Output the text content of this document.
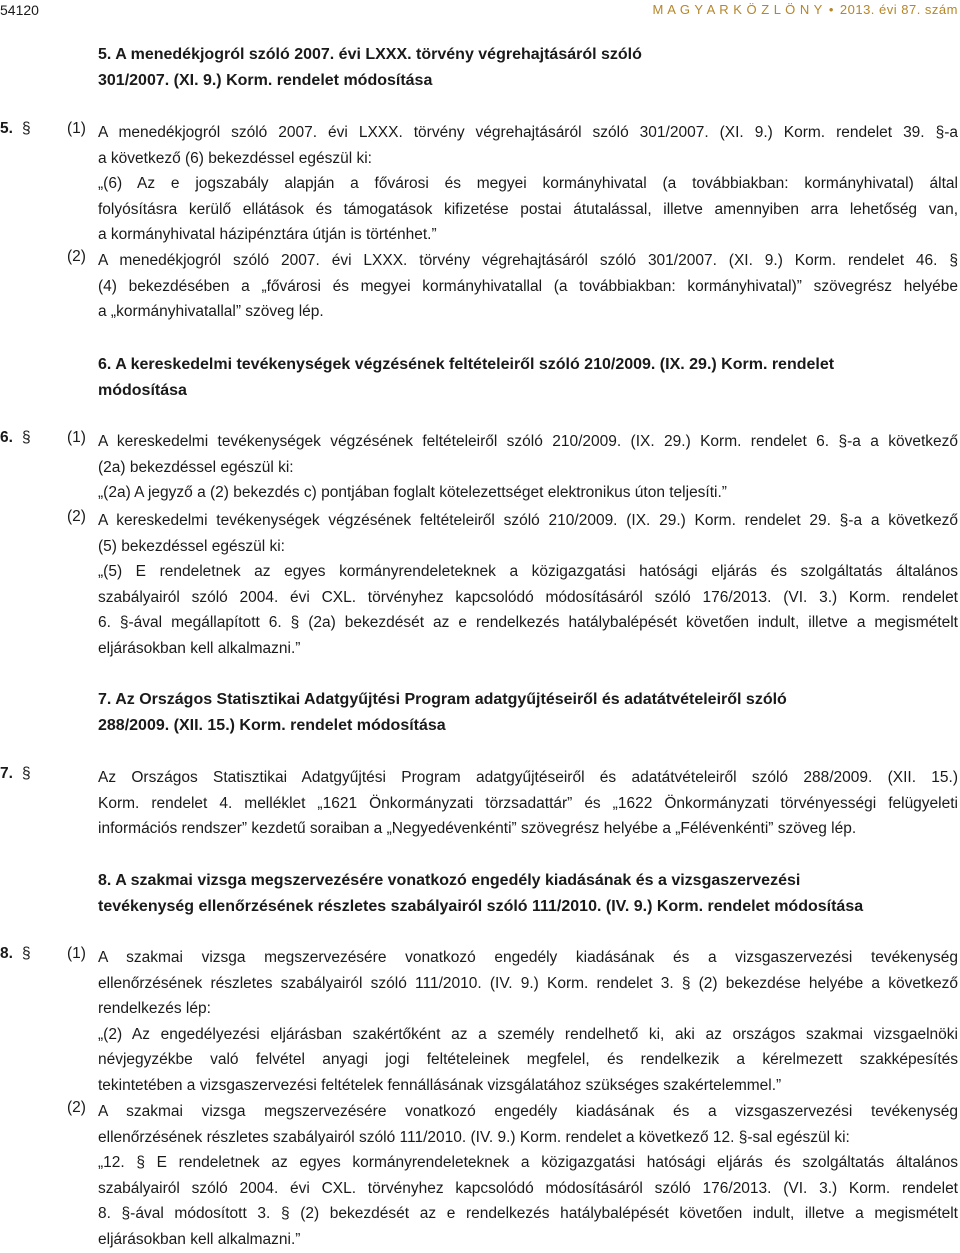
54120	M A G Y A R K Ö Z L Ö N Y • 2013. évi 87. szám
5. A menedékjogról szóló 2007. évi LXXX. törvény végrehajtásáról szóló
301/2007. (XI. 9.) Korm. rendelet módosítása
5. § (1) A menedékjogról szóló 2007. évi LXXX. törvény végrehajtásáról szóló 301/2007. (XI. 9.) Korm. rendelet 39. §-a
a következő (6) bekezdéssel egészül ki:
„(6) Az e jogszabály alapján a fővárosi és megyei kormányhivatal (a továbbiakban: kormányhivatal) által
folyósításra kerülő ellátások és támogatások kifizetése postai átutalással, illetve amennyiben arra lehetőség van,
a kormányhivatal házipénztára útján is történhet.”
(2) A menedékjogról szóló 2007. évi LXXX. törvény végrehajtásáról szóló 301/2007. (XI. 9.) Korm. rendelet 46. §
(4) bekezdésében a „fővárosi és megyei kormányhivatallal (a továbbiakban: kormányhivatal)” szövegrész helyébe
a „kormányhivatallal” szöveg lép.
6. A kereskedelmi tevékenységek végzésének feltételeiről szóló 210/2009. (IX. 29.) Korm. rendelet
módosítása
6. § (1) A kereskedelmi tevékenységek végzésének feltételeiről szóló 210/2009. (IX. 29.) Korm. rendelet 6. §-a a következő
(2a) bekezdéssel egészül ki:
„(2a) A jegyző a (2) bekezdés c) pontjában foglalt kötelezettséget elektronikus úton teljesíti.”
(2) A kereskedelmi tevékenységek végzésének feltételeiről szóló 210/2009. (IX. 29.) Korm. rendelet 29. §-a a következő
(5) bekezdéssel egészül ki:
„(5) E rendeletnek az egyes kormányrendeleteknek a közigazgatási hatósági eljárás és szolgáltatás általános
szabályairól szóló 2004. évi CXL. törvényhez kapcsolódó módosításáról szóló 176/2013. (VI. 3.) Korm. rendelet
6. §-ával megállapított 6. § (2a) bekezdését az e rendelkezés hatálybalépését követően indult, illetve a megismételt
eljárásokban kell alkalmazni.”
7. Az Országos Statisztikai Adatgyűjtési Program adatgyűjtéseiről és adatátvételeiről szóló
288/2009. (XII. 15.) Korm. rendelet módosítása
7. §	Az Országos Statisztikai Adatgyűjtési Program adatgyűjtéseiről és adatátvételeiről szóló 288/2009. (XII. 15.)
Korm. rendelet 4. melléklet „1621 Önkormányzati törzsadattár” és „1622 Önkormányzati törvényességi felügyeleti
információs rendszer” kezdetű soraiban a „Negyedévenkénti” szövegrész helyébe a „Félévenkénti” szöveg lép.
8. A szakmai vizsga megszervezésére vonatkozó engedély kiadásának és a vizsgaszervezési
tevékenység ellenőrzésének részletes szabályairól szóló 111/2010. (IV. 9.) Korm. rendelet módosítása
8. § (1) A szakmai vizsga megszervezésére vonatkozó engedély kiadásának és a vizsgaszervezési tevékenység
ellenőrzésének részletes szabályairól szóló 111/2010. (IV. 9.) Korm. rendelet 3. § (2) bekezdése helyébe a következő
rendelkezés lép:
„(2) Az engedélyezési eljárásban szakértőként az a személy rendelhető ki, aki az országos szakmai vizsgaelnöki
névjegyzékbe való felvétel anyagi jogi feltételeinek megfelel, és rendelkezik a kérelmezett szakképesítés
tekintetében a vizsgaszervezési feltételek fennállásának vizsgálatához szükséges szakértelemmel.”
(2) A szakmai vizsga megszervezésére vonatkozó engedély kiadásának és a vizsgaszervezési tevékenység
ellenőrzésének részletes szabályairól szóló 111/2010. (IV. 9.) Korm. rendelet a következő 12. §-sal egészül ki:
„12. § E rendeletnek az egyes kormányrendeleteknek a közigazgatási hatósági eljárás és szolgáltatás általános
szabályairól szóló 2004. évi CXL. törvényhez kapcsolódó módosításáról szóló 176/2013. (VI. 3.) Korm. rendelet
8. §-ával módosított 3. § (2) bekezdését az e rendelkezés hatálybalépését követően indult, illetve a megismételt
eljárásokban kell alkalmazni.”
